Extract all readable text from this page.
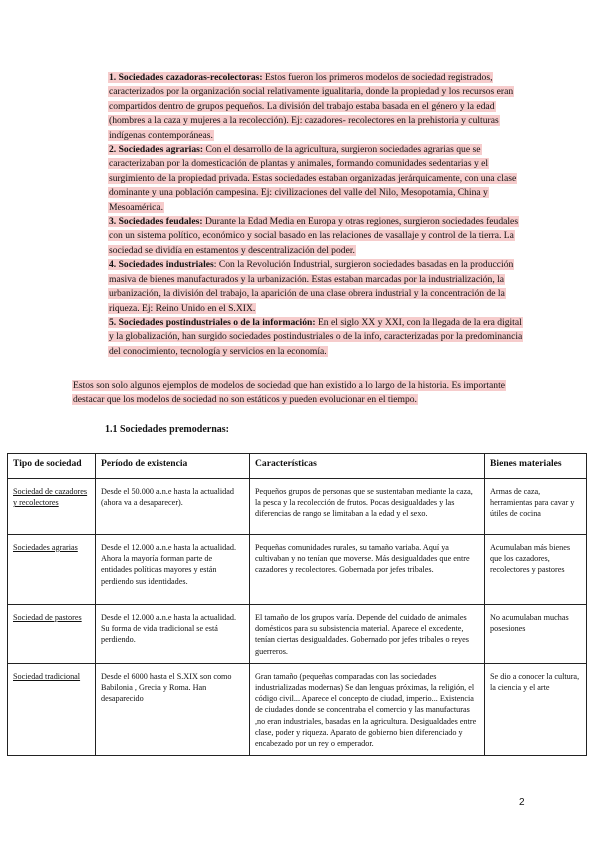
1. Sociedades cazadoras-recolectoras: Estos fueron los primeros modelos de sociedad registrados, caracterizados por la organización social relativamente igualitaria, donde la propiedad y los recursos eran compartidos dentro de grupos pequeños. La división del trabajo estaba basada en el género y la edad (hombres a la caza y mujeres a la recolección). Ej: cazadores- recolectores en la prehistoria y culturas indígenas contemporáneas.

2. Sociedades agrarias: Con el desarrollo de la agricultura, surgieron sociedades agrarias que se caracterizaban por la domesticación de plantas y animales, formando comunidades sedentarias y el surgimiento de la propiedad privada. Estas sociedades estaban organizadas jerárquicamente, con una clase dominante y una población campesina. Ej: civilizaciones del valle del Nilo, Mesopotamia, China y Mesoamérica.

3. Sociedades feudales: Durante la Edad Media en Europa y otras regiones, surgieron sociedades feudales con un sistema político, económico y social basado en las relaciones de vasallaje y control de la tierra. La sociedad se dividía en estamentos y descentralización del poder.

4. Sociedades industriales: Con la Revolución Industrial, surgieron sociedades basadas en la producción masiva de bienes manufacturados y la urbanización. Estas estaban marcadas por la industrialización, la urbanización, la división del trabajo, la aparición de una clase obrera industrial y la concentración de la riqueza. Ej: Reino Unido en el S.XIX.

5. Sociedades postindustriales o de la información: En el siglo XX y XXI, con la llegada de la era digital y la globalización, han surgido sociedades postindustriales o de la info, caracterizadas por la predominancia del conocimiento, tecnología y servicios en la economía.

Estos son solo algunos ejemplos de modelos de sociedad que han existido a lo largo de la historia. Es importante destacar que los modelos de sociedad no son estáticos y pueden evolucionar en el tiempo.

1.1 Sociedades premodernas:

Tipo de sociedad	Período de existencia	Características	Bienes materiales
Sociedad de cazadores y recolectores	Desde el 50.000 a.n.e hasta la actualidad (ahora va a desaparecer).	Pequeños grupos de personas que se sustentaban mediante la caza, la pesca y la recolección de frutos. Pocas desigualdades y las diferencias de rango se limitaban a la edad y el sexo.	Armas de caza, herramientas para cavar y útiles de cocina
Sociedades agrarias	Desde el 12.000 a.n.e hasta la actualidad. Ahora la mayoría forman parte de entidades políticas mayores y están perdiendo sus identidades.	Pequeñas comunidades rurales, su tamaño variaba. Aquí ya cultivaban y no tenían que moverse. Más desigualdades que entre cazadores y recolectores. Gobernada por jefes tribales.	Acumulaban más bienes que los cazadores, recolectores y pastores
Sociedad de pastores	Desde el 12.000 a.n.e hasta la actualidad. Su forma de vida tradicional se está perdiendo.	El tamaño de los grupos varía. Depende del cuidado de animales domésticos para su subsistencia material. Aparece el excedente, tenían ciertas desigualdades. Gobernado por jefes tribales o reyes guerreros.	No acumulaban muchas posesiones
Sociedad tradicional	Desde el 6000 hasta el S.XIX son como Babilonia , Grecia y Roma. Han desaparecido	Gran tamaño (pequeñas comparadas con las sociedades industrializadas modernas) Se dan lenguas próximas, la religión, el código civil... Aparece el concepto de ciudad, imperio... Existencia de ciudades donde se concentraba el comercio y las manufacturas ,no eran industriales, basadas en la agricultura. Desigualdades entre clase, poder y riqueza. Aparato de gobierno bien diferenciado y encabezado por un rey o emperador.	Se dio a conocer la cultura, la ciencia y el arte
2
